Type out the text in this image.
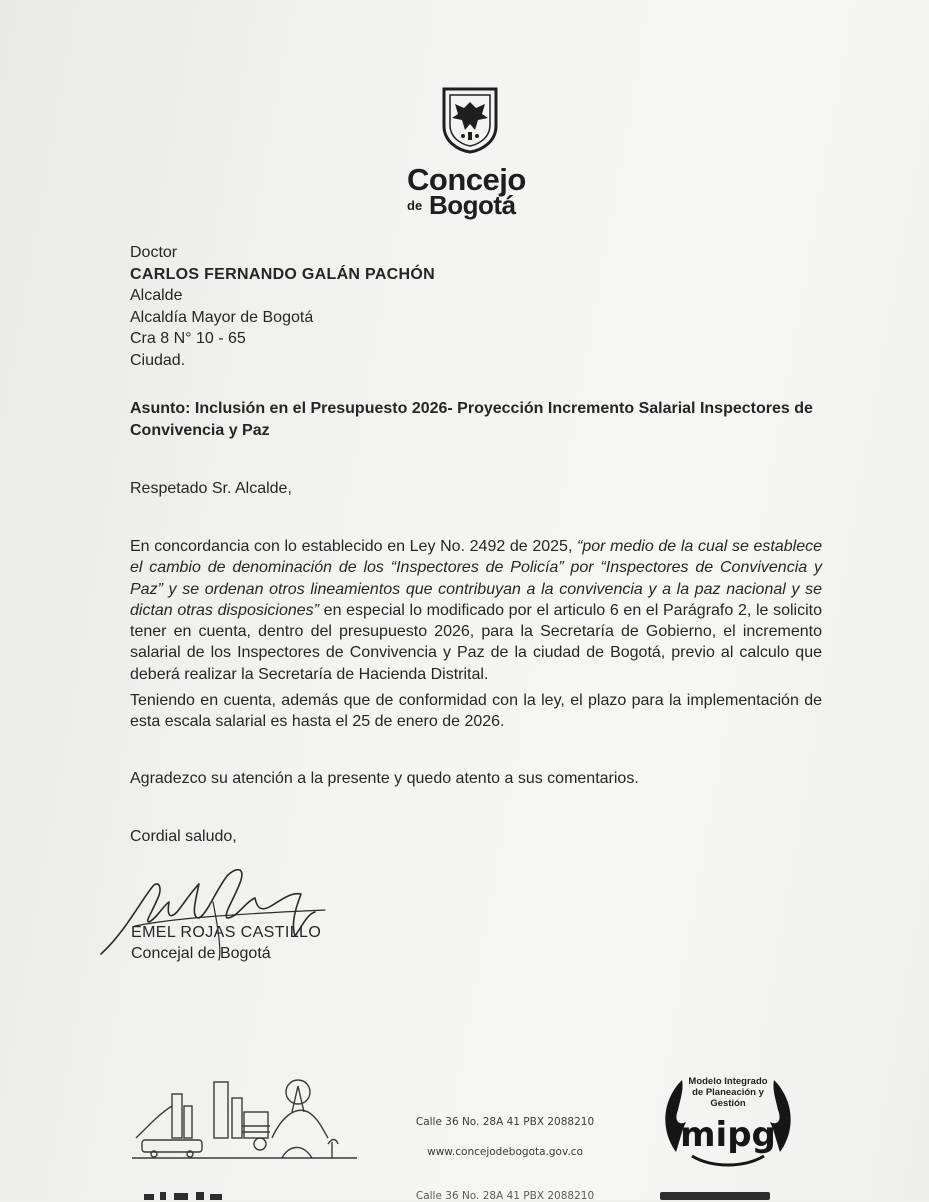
Concejo
de Bogotá
Doctor
CARLOS FERNANDO GALÁN PACHÓN
Alcalde
Alcaldía Mayor de Bogotá
Cra 8 N° 10 - 65
Ciudad.
Asunto: Inclusión en el Presupuesto 2026- Proyección Incremento Salarial Inspectores de Convivencia y Paz
Respetado Sr. Alcalde,
En concordancia con lo establecido en Ley No. 2492 de 2025, “por medio de la cual se establece el cambio de denominación de los “Inspectores de Policía” por “Inspectores de Convivencia y Paz” y se ordenan otros lineamientos que contribuyan a la convivencia y a la paz nacional y se dictan otras disposiciones” en especial lo modificado por el articulo 6 en el Parágrafo 2, le solicito tener en cuenta, dentro del presupuesto 2026, para la Secretaría de Gobierno, el incremento salarial de los Inspectores de Convivencia y Paz de la ciudad de Bogotá, previo al calculo que deberá realizar la Secretaría de Hacienda Distrital.
Teniendo en cuenta, además que de conformidad con la ley, el plazo para la implementación de esta escala salarial es hasta el 25 de enero de 2026.
Agradezco su atención a la presente y quedo atento a sus comentarios.
Cordial saludo,
EMEL ROJAS CASTILLO
Concejal de Bogotá
Calle 36 No. 28A 41 PBX 2088210
www.concejodebogota.gov.co
Calle 36 No. 28A 41 PBX 2088210
mipg
Modelo Integrado
de Planeación y
Gestión
